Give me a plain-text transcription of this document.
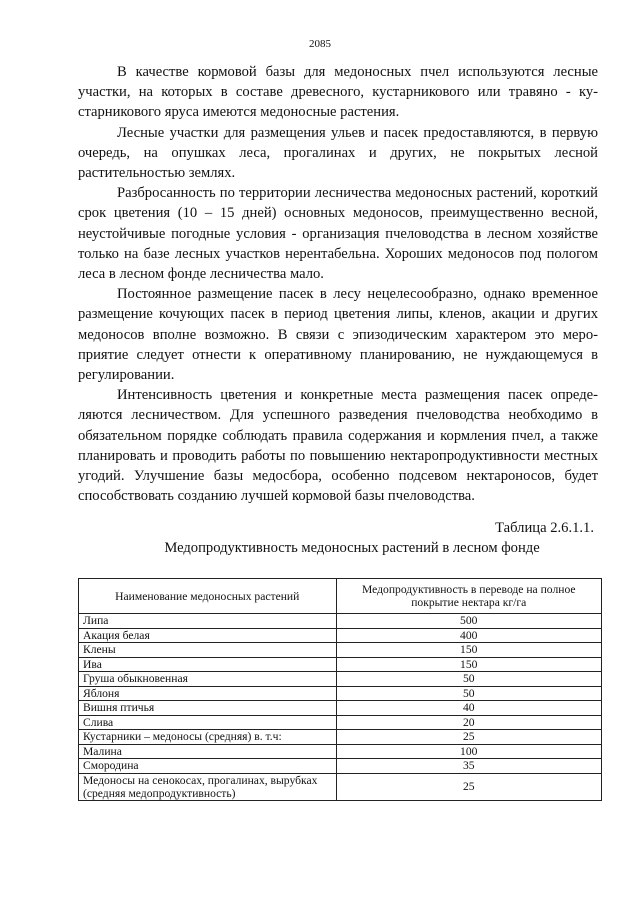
2085

В качестве кормовой базы для медоносных пчел используются лесные участки, на которых в составе древесного, кустарникового или травяно - кустарникового яруса имеются медоносные растения.

Лесные участки для размещения ульев и пасек предоставляются, в первую очередь, на опушках леса, прогалинах и других, не покрытых лесной растительностью землях.

Разбросанность по территории лесничества медоносных растений, короткий срок цветения (10 – 15 дней) основных медоносов, преимущественно весной, неустойчивые погодные условия - организация пчеловодства в лесном хозяйстве только на базе лесных участков нерентабельна. Хороших медоносов под пологом леса в лесном фонде лесничества мало.

Постоянное размещение пасек в лесу нецелесообразно, однако временное размещение кочующих пасек в период цветения липы, кленов, акации и других медоносов вполне возможно. В связи с эпизодическим характером это мероприятие следует отнести к оперативному планированию, не нуждающемуся в регулировании.

Интенсивность цветения и конкретные места размещения пасек определяются лесничеством. Для успешного разведения пчеловодства необходимо в обязательном порядке соблюдать правила содержания и кормления пчел, а также планировать и проводить работы по повышению нектаропродуктивности местных угодий. Улучшение базы медосбора, особенно подсевом нектароносов, будет способствовать созданию лучшей кормовой базы пчеловодства.

Таблица 2.6.1.1.
Медопродуктивность медоносных растений в лесном фонде
Наименование медоносных растений	Медопродуктивность в переводе на полное покрытие нектара кг/га
Липа	500
Акация белая	400
Клены	150
Ива	150
Груша обыкновенная	50
Яблоня	50
Вишня птичья	40
Слива	20
Кустарники – медоносы (средняя) в. т.ч:	25
Малина	100
Смородина	35
Медоносы на сенокосах, прогалинах, вырубках (средняя медопродуктивность)	25
